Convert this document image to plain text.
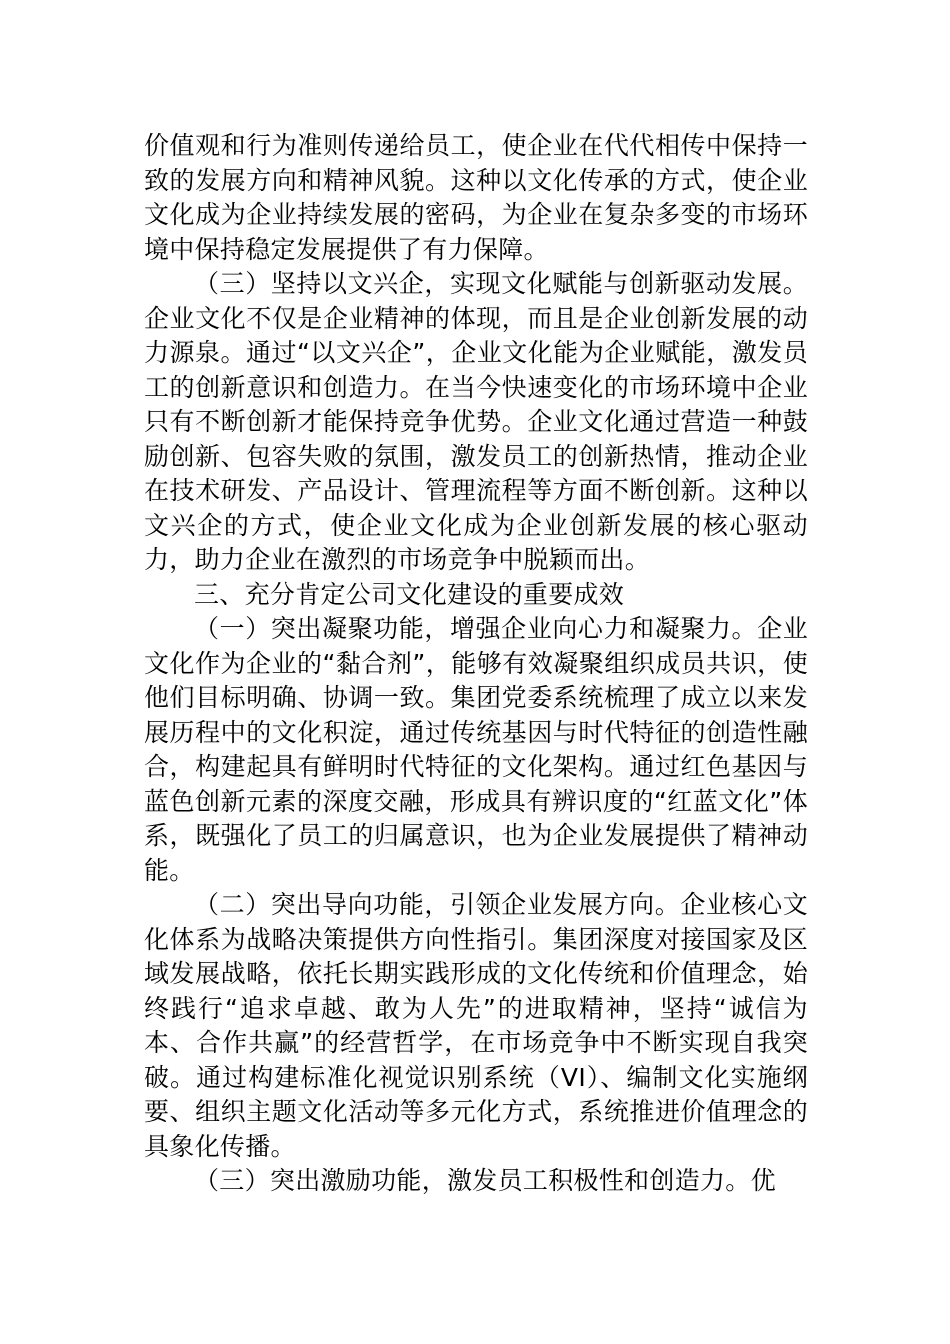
价值观和行为准则传递给员工，使企业在代代相传中保持一致的发展方向和精神风貌。这种以文化传承的方式，使企业文化成为企业持续发展的密码，为企业在复杂多变的市场环境中保持稳定发展提供了有力保障。

（三）坚持以文兴企，实现文化赋能与创新驱动发展。企业文化不仅是企业精神的体现，而且是企业创新发展的动力源泉。通过“以文兴企”，企业文化能为企业赋能，激发员工的创新意识和创造力。在当今快速变化的市场环境中企业只有不断创新才能保持竞争优势。企业文化通过营造一种鼓励创新、包容失败的氛围，激发员工的创新热情，推动企业在技术研发、产品设计、管理流程等方面不断创新。这种以文兴企的方式，使企业文化成为企业创新发展的核心驱动力，助力企业在激烈的市场竞争中脱颖而出。

三、充分肯定公司文化建设的重要成效

（一）突出凝聚功能，增强企业向心力和凝聚力。企业文化作为企业的“黏合剂”，能够有效凝聚组织成员共识，使他们目标明确、协调一致。集团党委系统梳理了成立以来发展历程中的文化积淀，通过传统基因与时代特征的创造性融合，构建起具有鲜明时代特征的文化架构。通过红色基因与蓝色创新元素的深度交融，形成具有辨识度的“红蓝文化”体系，既强化了员工的归属意识，也为企业发展提供了精神动能。

（二）突出导向功能，引领企业发展方向。企业核心文化体系为战略决策提供方向性指引。集团深度对接国家及区域发展战略，依托长期实践形成的文化传统和价值理念，始终践行“追求卓越、敢为人先”的进取精神，坚持“诚信为本、合作共赢”的经营哲学，在市场竞争中不断实现自我突破。通过构建标准化视觉识别系统（VI）、编制文化实施纲要、组织主题文化活动等多元化方式，系统推进价值理念的具象化传播。

（三）突出激励功能，激发员工积极性和创造力。优
